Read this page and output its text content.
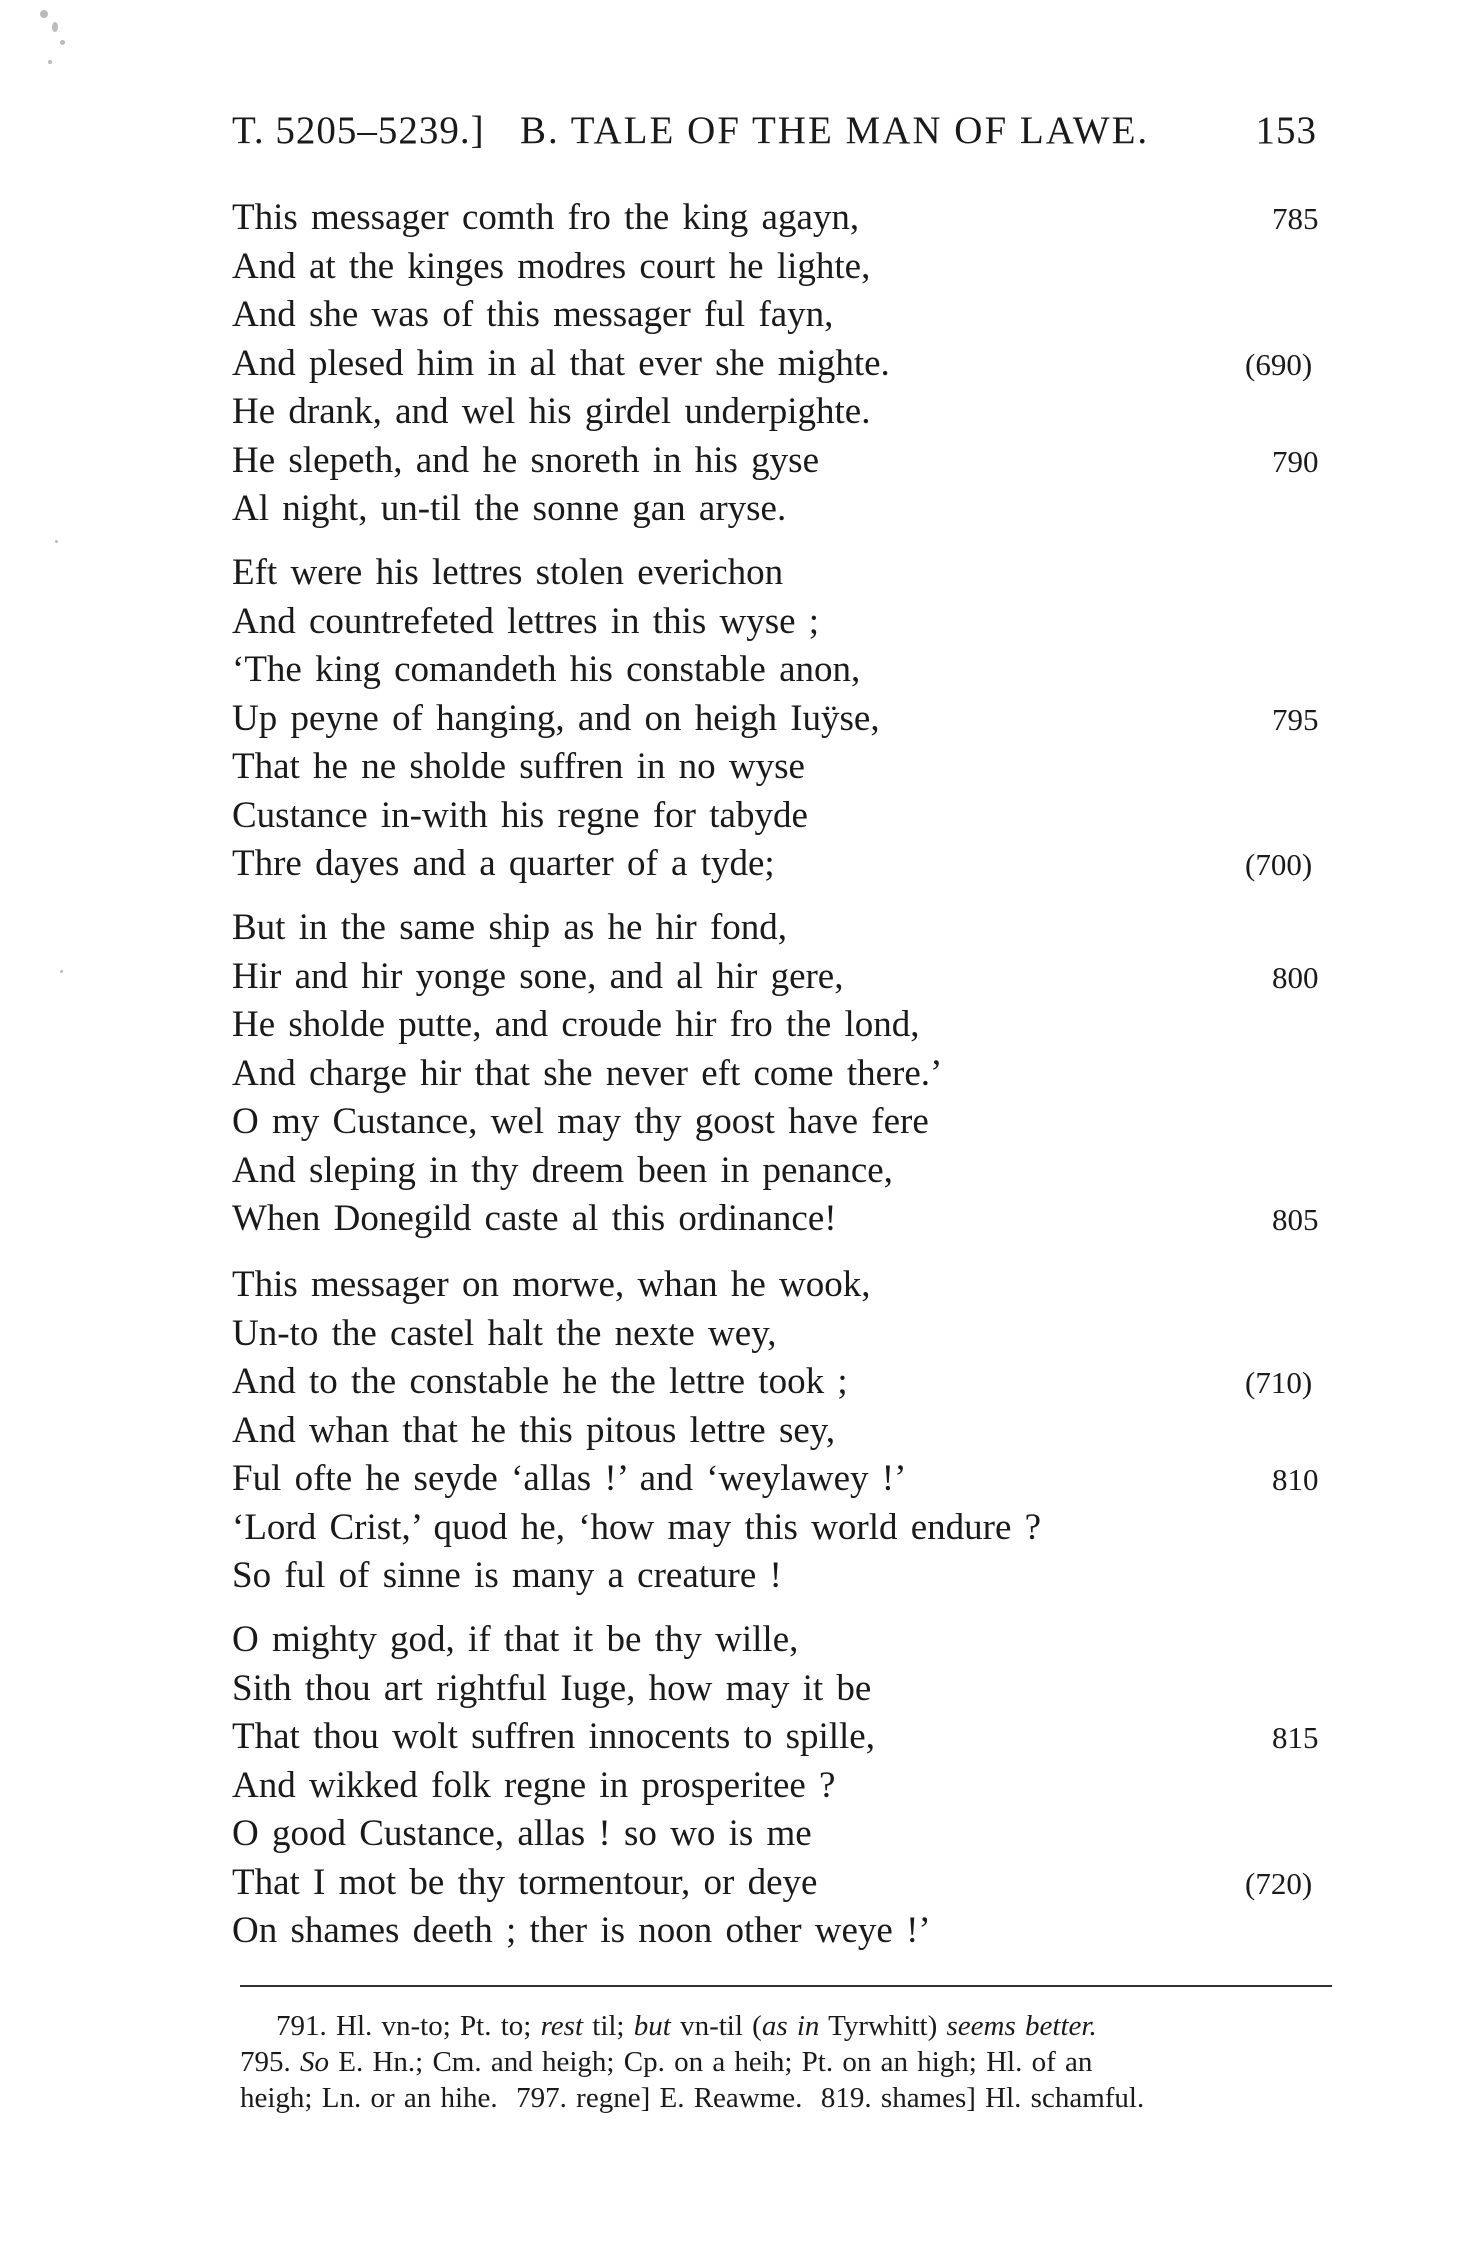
T. 5205–5239.] B. TALE OF THE MAN OF LAWE.	153
This messager comth fro the king agayn,	785
And at the kinges modres court he lighte,
And she was of this messager ful fayn,
And plesed him in al that ever she mighte.	(690)
He drank, and wel his girdel underpighte.
He slepeth, and he snoreth in his gyse	790
Al night, un-til the sonne gan aryse.
Eft were his lettres stolen everichon
And countrefeted lettres in this wyse ;
‘The king comandeth his constable anon,
Up peyne of hanging, and on heigh Iuÿse,	795
That he ne sholde suffren in no wyse
Custance in-with his regne for tabyde
Thre dayes and a quarter of a tyde;	(700)
But in the same ship as he hir fond,
Hir and hir yonge sone, and al hir gere,	800
He sholde putte, and croude hir fro the lond,
And charge hir that she never eft come there.’
O my Custance, wel may thy goost have fere
And sleping in thy dreem been in penance,
When Donegild caste al this ordinance!	805
This messager on morwe, whan he wook,
Un-to the castel halt the nexte wey,
And to the constable he the lettre took ;	(710)
And whan that he this pitous lettre sey,
Ful ofte he seyde ‘allas !’ and ‘weylawey !’	810
‘Lord Crist,’ quod he, ‘how may this world endure ?
So ful of sinne is many a creature !
O mighty god, if that it be thy wille,
Sith thou art rightful Iuge, how may it be
That thou wolt suffren innocents to spille,	815
And wikked folk regne in prosperitee ?
O good Custance, allas ! so wo is me
That I mot be thy tormentour, or deye	(720)
On shames deeth ; ther is noon other weye !’
791. Hl. vn-to; Pt. to; rest til; but vn-til (as in Tyrwhitt) seems better.
795. So E. Hn.; Cm. and heigh; Cp. on a heih; Pt. on an high; Hl. of an
heigh; Ln. or an hihe. 797. regne] E. Reawme. 819. shames] Hl. schamful.
